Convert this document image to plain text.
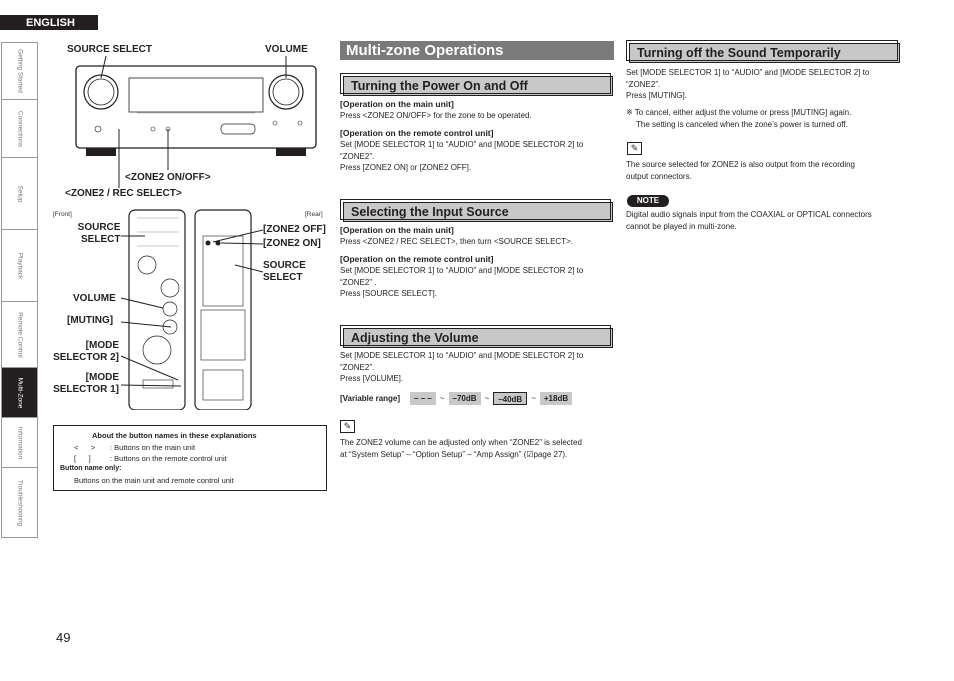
ENGLISH
Getting Started
Connections
Setup
Playback
Remote Control
Multi-Zone
Information
Troubleshooting
SOURCE SELECT	VOLUME
<ZONE2 ON/OFF>
<ZONE2 / REC SELECT>
[Front]	[Rear]
SOURCE
SELECT
VOLUME
[MUTING]
[MODE
SELECTOR 2]
[MODE
SELECTOR 1]
[ZONE2 OFF]
[ZONE2 ON]
SOURCE
SELECT
About the button names in these explanations
<      > : Buttons on the main unit
[      ]	: Buttons on the remote control unit
Button name only:
Buttons on the main unit and remote control unit
Multi-zone Operations
Turning the Power On and Off
[Operation on the main unit]
Press <ZONE2 ON/OFF> for the zone to be operated.
[Operation on the remote control unit]
Set [MODE SELECTOR 1] to “AUDIO” and [MODE SELECTOR 2] to
“ZONE2”.
Press [ZONE2 ON] or [ZONE2 OFF].
Selecting the Input Source
[Operation on the main unit]
Press <ZONE2 / REC SELECT>, then turn <SOURCE SELECT>.
[Operation on the remote control unit]
Set [MODE SELECTOR 1] to “AUDIO” and [MODE SELECTOR 2] to
“ZONE2” .
Press [SOURCE SELECT].
Adjusting the Volume
Set [MODE SELECTOR 1] to “AUDIO” and [MODE SELECTOR 2] to
“ZONE2”.
Press [VOLUME].
[Variable range]	– – –	~	–70dB	~	–40dB	~	+18dB
✎
The ZONE2 volume can be adjusted only when “ZONE2” is selected
at “System Setup” – “Option Setup” – “Amp Assign” (☑page 27).
Turning off the Sound Temporarily
Set [MODE SELECTOR 1] to “AUDIO” and [MODE SELECTOR 2] to
“ZONE2”.
Press [MUTING].
※ To cancel, either adjust the volume or press [MUTING] again.
The setting is canceled when the zone’s power is turned off.
✎
The source selected for ZONE2 is also output from the recording
output connectors.
NOTE
Digital audio signals input from the COAXIAL or OPTICAL connectors
cannot be played in multi-zone.
49
